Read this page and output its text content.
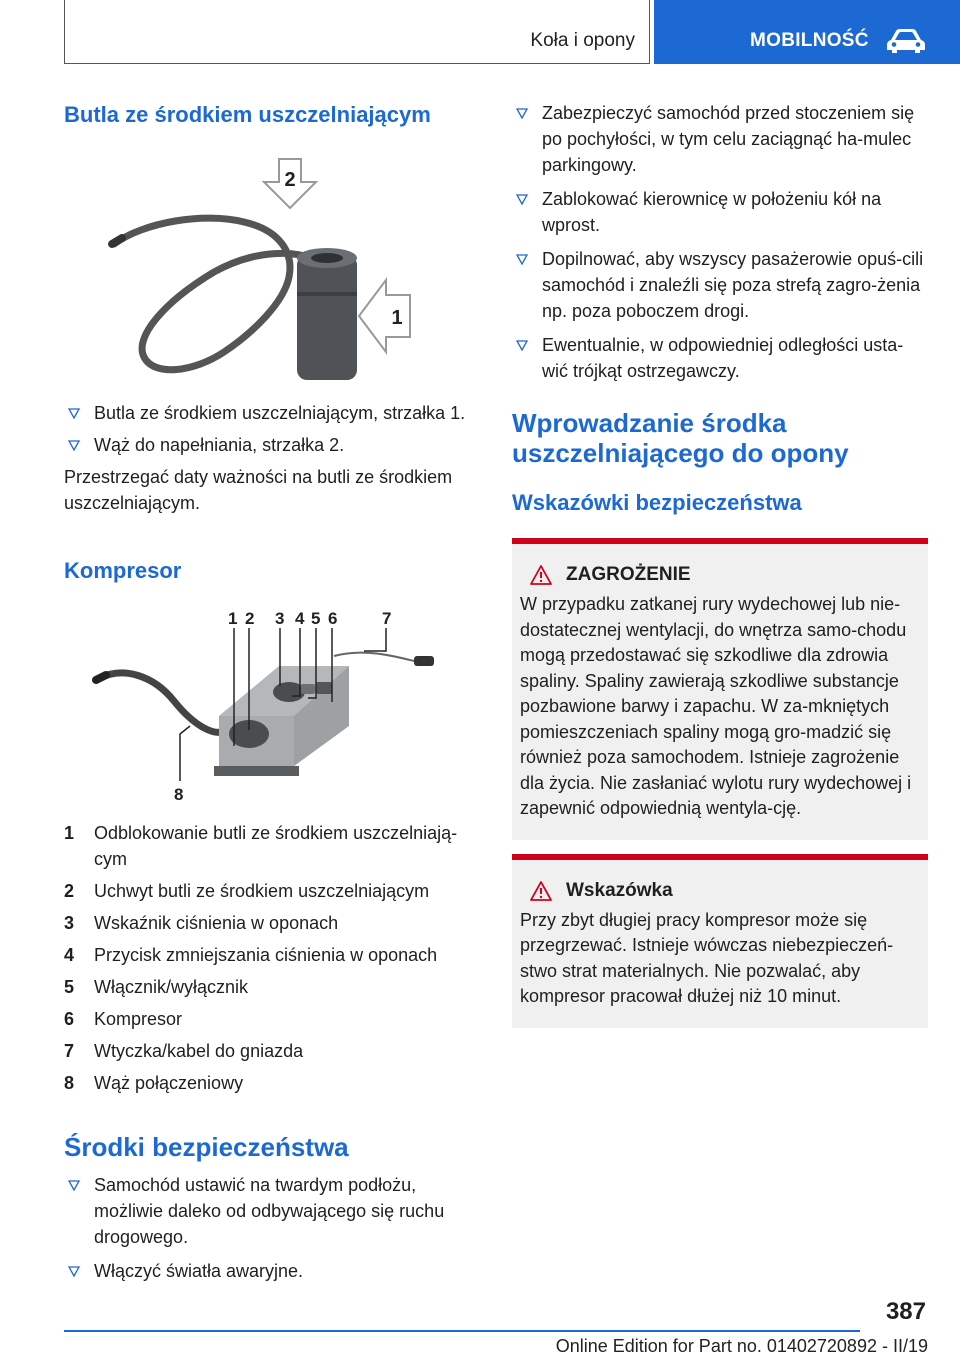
Koła i opony	MOBILNOŚĆ
Butla ze środkiem uszczelniającym
2
1
Butla ze środkiem uszczelniającym, strzałka 1.
Wąż do napełniania, strzałka 2.

Przestrzegać daty ważności na butli ze środkiem uszczelniającym.

Kompresor
1 2 3 4 5 6	7
8
1	Odblokowanie butli ze środkiem uszczelniają-
cym
2	Uchwyt butli ze środkiem uszczelniającym
3	Wskaźnik ciśnienia w oponach
4	Przycisk zmniejszania ciśnienia w oponach
5	Włącznik/wyłącznik
6	Kompresor
7	Wtyczka/kabel do gniazda
8	Wąż połączeniowy
Środki bezpieczeństwa
Samochód ustawić na twardym podłożu, możliwie daleko od odbywającego się ruchu drogowego.
Włączyć światła awaryjne.
Zabezpieczyć samochód przed stoczeniem się po pochyłości, w tym celu zaciągnąć ha-mulec parkingowy.
Zablokować kierownicę w położeniu kół na wprost.
Dopilnować, aby wszyscy pasażerowie opuś-cili samochód i znaleźli się poza strefą zagro-żenia np. poza poboczem drogi.
Ewentualnie, w odpowiedniej odległości usta-wić trójkąt ostrzegawczy.
Wprowadzanie środka uszczelniającego do opony
Wskazówki bezpieczeństwa
ZAGROŻENIE

W przypadku zatkanej rury wydechowej lub nie-dostatecznej wentylacji, do wnętrza samo-chodu mogą przedostawać się szkodliwe dla zdrowia spaliny. Spaliny zawierają szkodliwe substancje pozbawione barwy i zapachu. W za-mkniętych pomieszczeniach spaliny mogą gro-madzić się również poza samochodem. Istnieje zagrożenie dla życia. Nie zasłaniać wylotu rury wydechowej i zapewnić odpowiednią wentyla-cję.

Wskazówka

Przy zbyt długiej pracy kompresor może się przegrzewać. Istnieje wówczas niebezpieczeń-stwo strat materialnych. Nie pozwalać, aby kompresor pracował dłużej niż 10 minut.

387
Online Edition for Part no. 01402720892 - II/19
